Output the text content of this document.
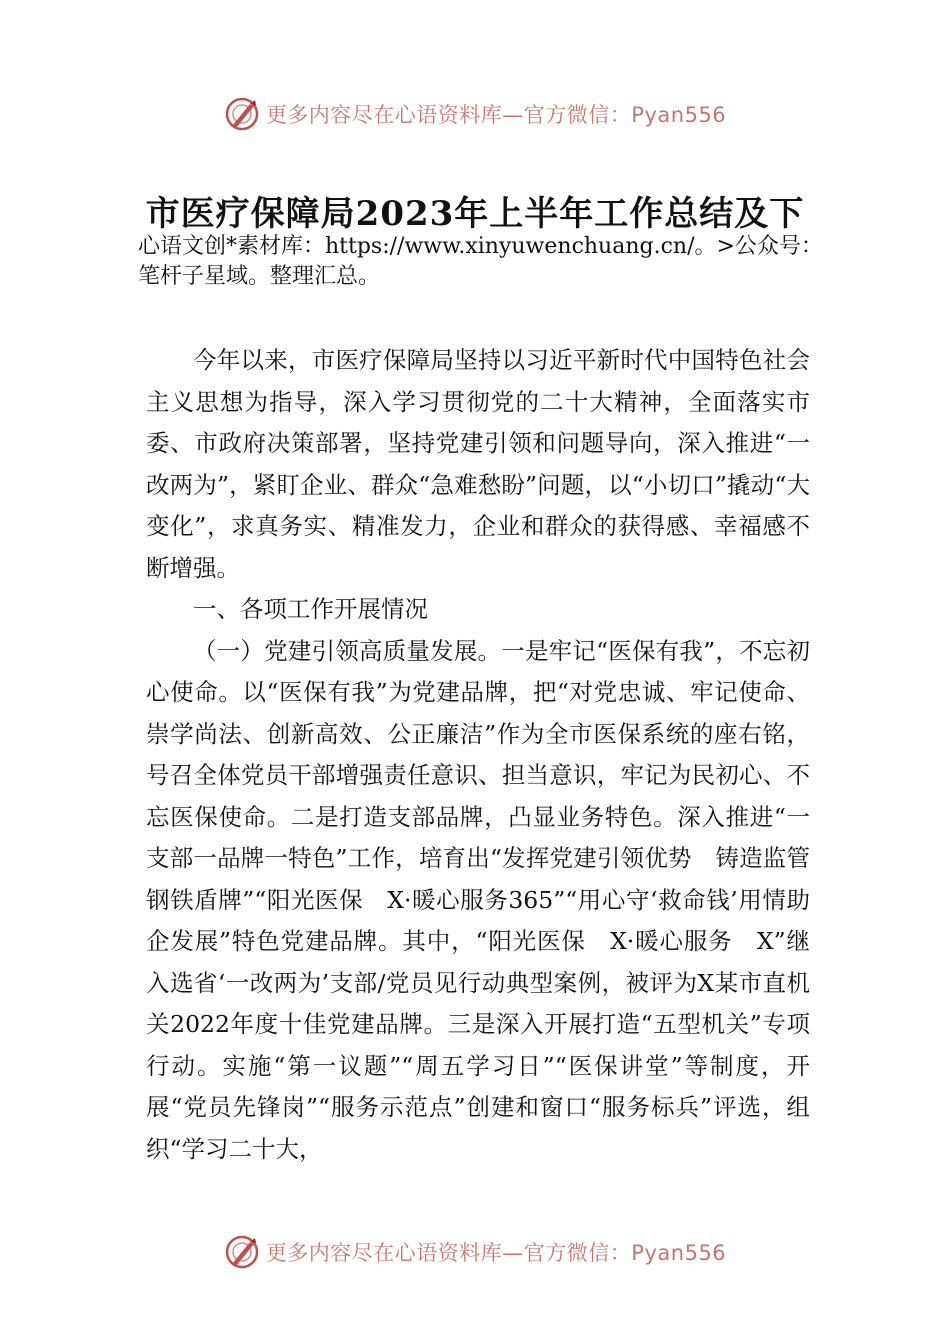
更多内容尽在心语资料库—官方微信：Pyan556
市医疗保障局2023年上半年工作总结及下
心语文创*素材库：https://www.xinyuwenchuang.cn/。>公众号：笔杆子星域。整理汇总。

今年以来，市医疗保障局坚持以习近平新时代中国特色社会主义思想为指导，深入学习贯彻党的二十大精神，全面落实市委、市政府决策部署，坚持党建引领和问题导向，深入推进“一改两为”，紧盯企业、群众“急难愁盼”问题，以“小切口”撬动“大变化”，求真务实、精准发力，企业和群众的获得感、幸福感不断增强。

一、各项工作开展情况

（一）党建引领高质量发展。一是牢记“医保有我”，不忘初心使命。以“医保有我”为党建品牌，把“对党忠诚、牢记使命、崇学尚法、创新高效、公正廉洁”作为全市医保系统的座右铭，号召全体党员干部增强责任意识、担当意识，牢记为民初心、不忘医保使命。二是打造支部品牌，凸显业务特色。深入推进“一支部一品牌一特色”工作，培育出“发挥党建引领优势　铸造监管钢铁盾牌”“阳光医保　X·暖心服务365”“用心守‘救命钱’用情助企发展”特色党建品牌。其中，“阳光医保　X·暖心服务　X”继入选省‘一改两为’支部/党员见行动典型案例，被评为X某市直机关2022年度十佳党建品牌。三是深入开展打造“五型机关”专项行动。实施“第一议题”“周五学习日”“医保讲堂”等制度，开展“党员先锋岗”“服务示范点”创建和窗口“服务标兵”评选，组织“学习二十大，

更多内容尽在心语资料库—官方微信：Pyan556
